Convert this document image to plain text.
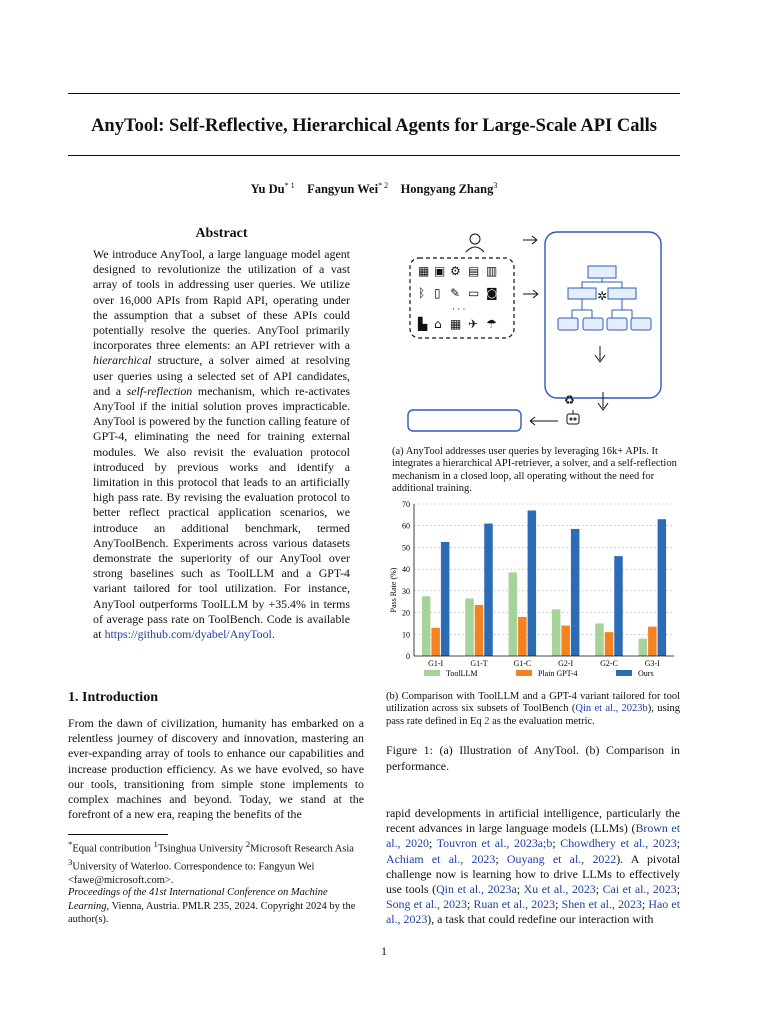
AnyTool: Self-Reflective, Hierarchical Agents for Large-Scale API Calls
Yu Du$^{* 1}$ Fangyun Wei$^{* 2}$ Hongyang Zhang$^3$
Abstract

We introduce AnyTool, a large language model agent designed to revolutionize the utilization of a vast array of tools in addressing user queries. We utilize over 16,000 APIs from Rapid API, operating under the assumption that a subset of these APIs could potentially resolve the queries. AnyTool primarily incorporates three elements: an API retriever with a hierarchical structure, a solver aimed at resolving user queries using a selected set of API candidates, and a self-reflection mechanism, which re-activates AnyTool if the initial solution proves impracticable. AnyTool is powered by the function calling feature of GPT-4, eliminating the need for training external modules. We also revisit the evaluation protocol introduced by previous works and identify a limitation in this protocol that leads to an artificially high pass rate. By revising the evaluation protocol to better reflect practical application scenarios, we introduce an additional benchmark, termed AnyToolBench. Experiments across various datasets demonstrate the superiority of our AnyTool over strong baselines such as ToolLLM and a GPT-4 variant tailored for tool utilization. For instance, AnyTool outperforms ToolLLM by +35.4% in terms of average pass rate on ToolBench. Code is available at https://github.com/dyabel/AnyTool.

1. Introduction

From the dawn of civilization, humanity has embarked on a relentless journey of discovery and innovation, mastering an ever-expanding array of tools to enhance our capabilities and increase production efficiency. As we have evolved, so have our tools, transitioning from simple stone implements to complex machines and beyond. Today, we stand at the forefront of a new era, reaping the benefits of the

*Equal contribution $^1$Tsinghua University $^2$Microsoft Research Asia $^3$University of Waterloo. Correspondence to: Fangyun Wei <fawe@microsoft.com>.

Proceedings of the 41st International Conference on Machine Learning, Vienna, Austria. PMLR 235, 2024. Copyright 2024 by the author(s).

▦ ▣ ⚙ ▤ ▥
ᛒ ▯ ✎ ▭ ◙
· · ·
▙ ⌂ ▦ ✈ ☂
✲
♻

(a) AnyTool addresses user queries by leveraging 16k+ APIs. It integrates a hierarchical API-retriever, a solver, and a self-reflection mechanism in a closed loop, all operating without the need for additional training.

0
10
20
30
40
50
60
70
G1-I	G1-T	G1-C	G2-I	G2-C	G3-I
Pass Rate (%)
ToolLLM	Plain GPT-4	Ours

(b) Comparison with ToolLLM and a GPT-4 variant tailored for tool utilization across six subsets of ToolBench (Qin et al., 2023b), using pass rate defined in Eq 2 as the evaluation metric.

Figure 1: (a) Illustration of AnyTool. (b) Comparison in performance.

rapid developments in artificial intelligence, particularly the recent advances in large language models (LLMs) (Brown et al., 2020; Touvron et al., 2023a;b; Chowdhery et al., 2023; Achiam et al., 2023; Ouyang et al., 2022). A pivotal challenge now is learning how to drive LLMs to effectively use tools (Qin et al., 2023a; Xu et al., 2023; Cai et al., 2023; Song et al., 2023; Ruan et al., 2023; Shen et al., 2023; Hao et al., 2023), a task that could redefine our interaction with

1
